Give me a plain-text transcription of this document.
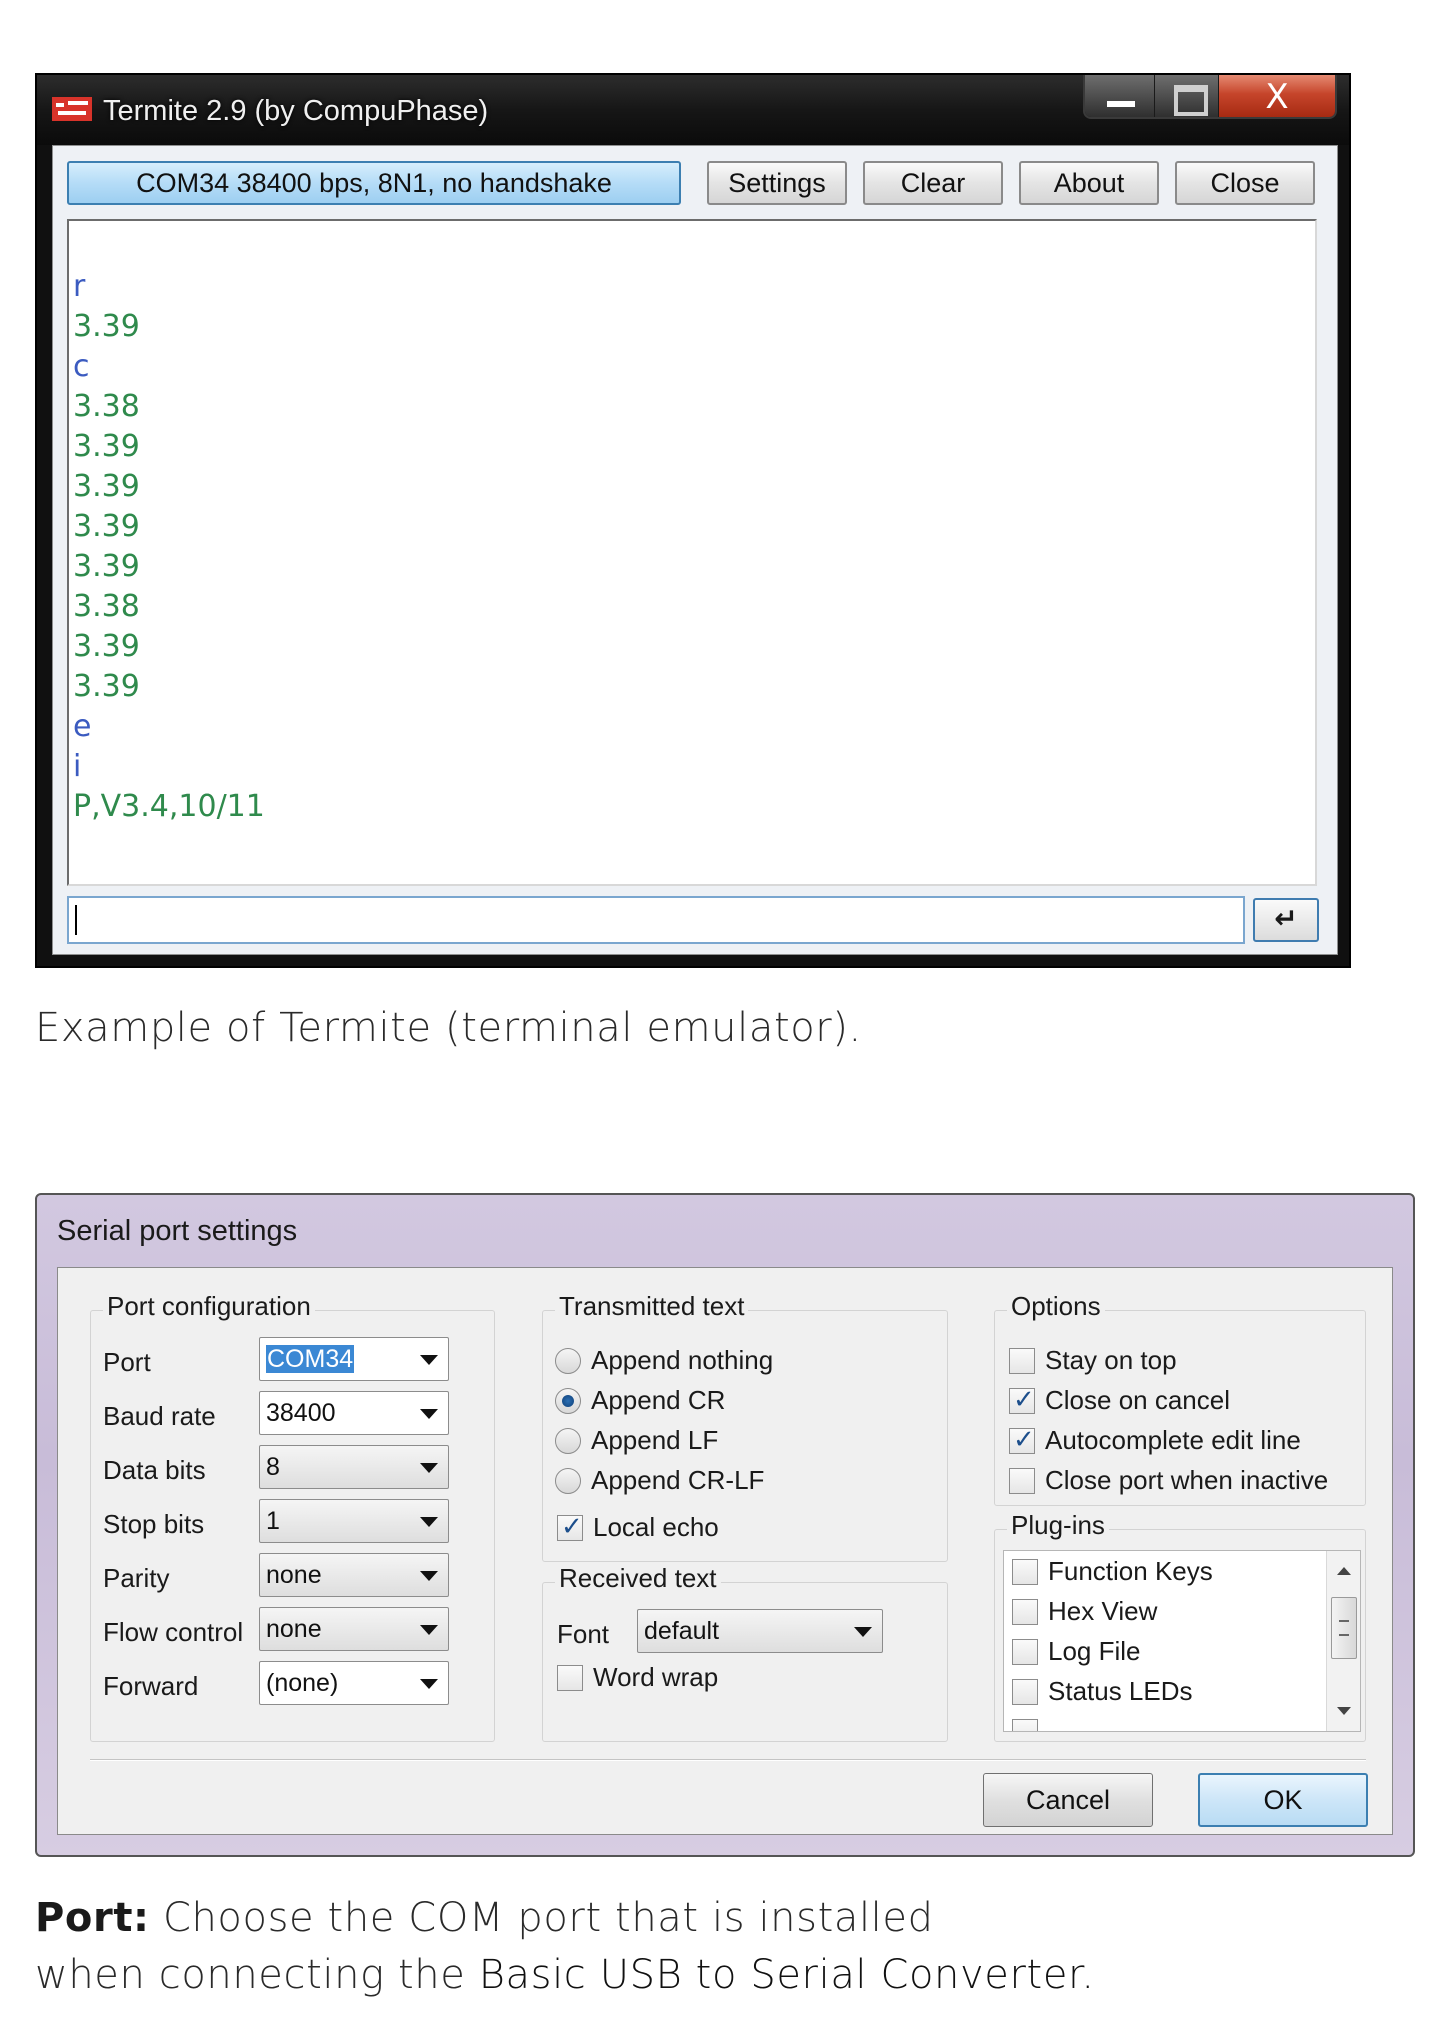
Termite 2.9 (by CompuPhase)	X
COM34 38400 bps, 8N1, no handshake	Settings	Clear	About	Close
r
3.39
c
3.38
3.39
3.39
3.39
3.39
3.38
3.39
3.39
e
i
P,V3.4,10/11
↵
Example of Termite (terminal emulator).
Serial port settings
Port configuration
Port	COM34
Baud rate 38400
Data bits 8
Stop bits 1
Parity	none
Flow control none
Forward	(none)
Transmitted text
Append nothing
Append CR
Append LF
Append CR-LF
✓
Local echo
Received text
Font default
Word wrap
Options
Stay on top
✓
Close on cancel
✓
Autocomplete edit line
Close port when inactive
Plug-ins
Function Keys
Hex View
Log File
Status LEDs
Cancel	OK
Port: Choose the COM port that is installed
when connecting the Basic USB to Serial Converter.
